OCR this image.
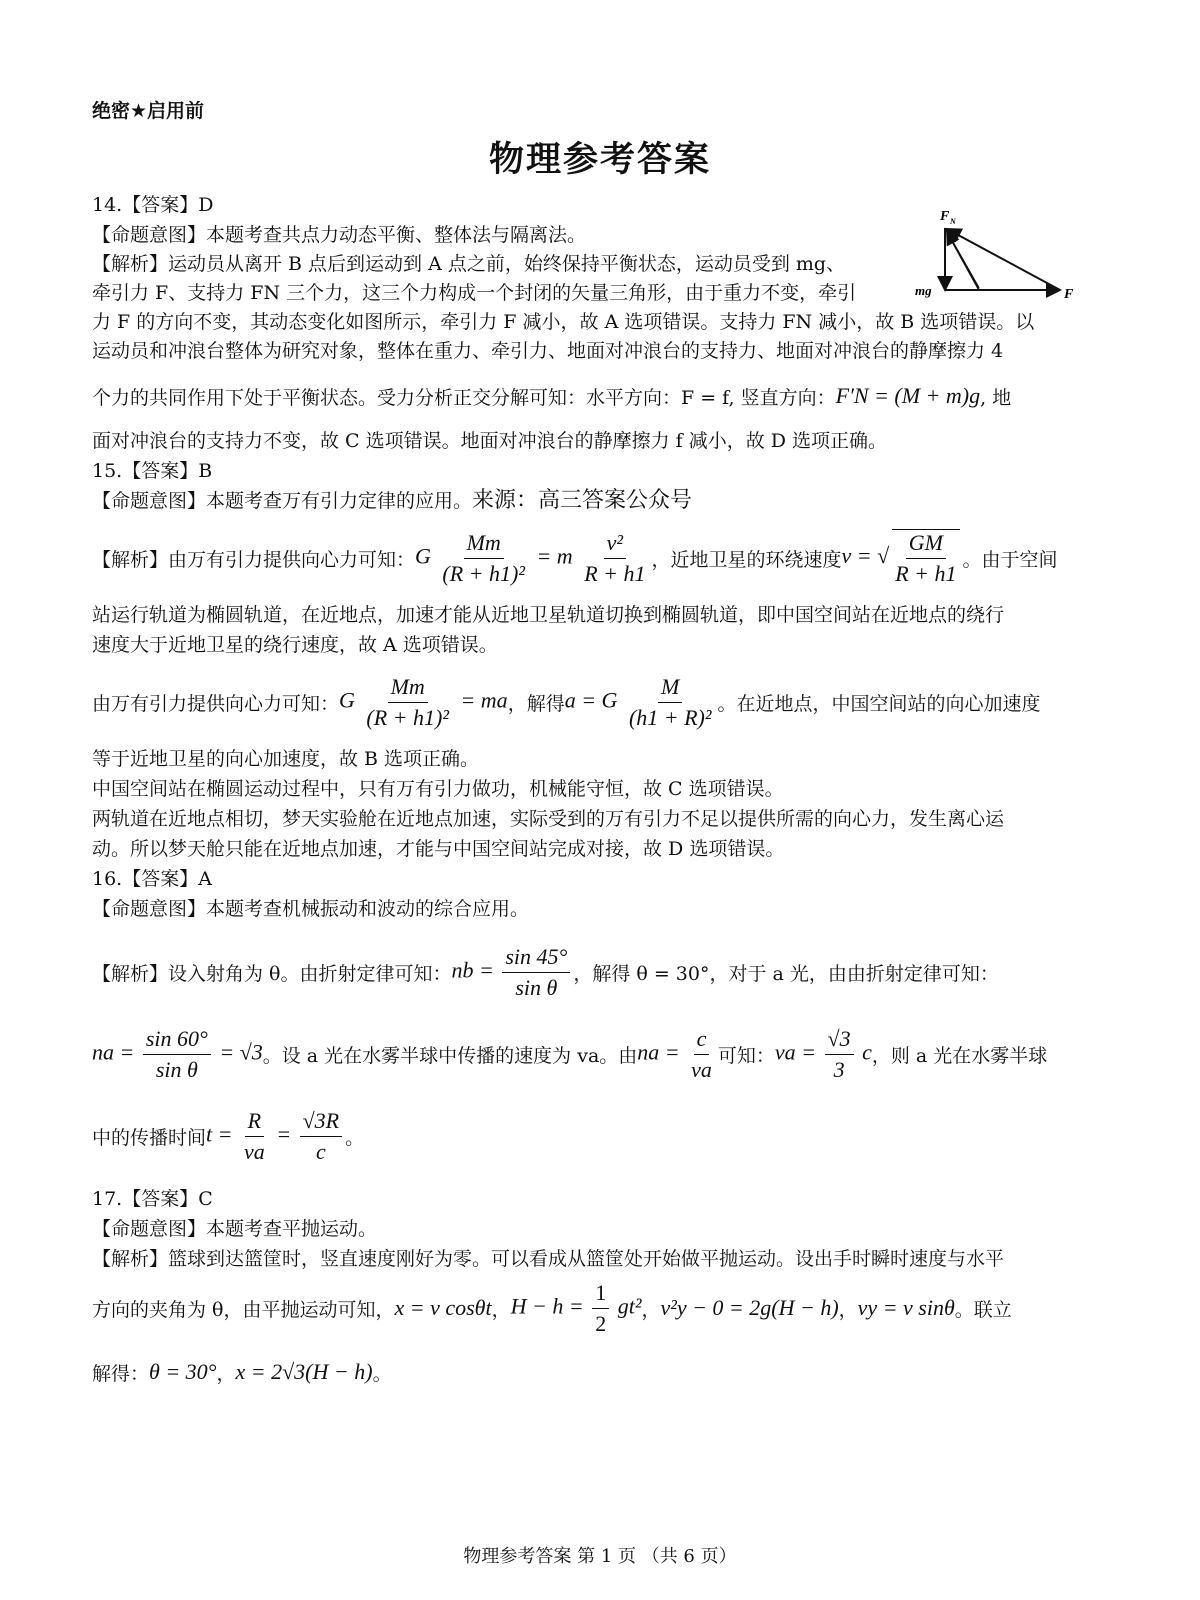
绝密★启用前
物理参考答案
F N
mg	F
14.【答案】D
【命题意图】本题考查共点力动态平衡、整体法与隔离法。
【解析】运动员从离开 B 点后到运动到 A 点之前，始终保持平衡状态，运动员受到 mg、
牵引力 F、支持力 FN 三个力，这三个力构成一个封闭的矢量三角形，由于重力不变，牵引
力 F 的方向不变，其动态变化如图所示，牵引力 F 减小，故 A 选项错误。支持力 FN 减小，故 B 选项错误。以
运动员和冲浪台整体为研究对象，整体在重力、牵引力、地面对冲浪台的支持力、地面对冲浪台的静摩擦力 4
个力的共同作用下处于平衡状态。受力分析正交分解可知：水平方向：F = f, 竖直方向： F′N = (M + m)g , 地
面对冲浪台的支持力不变，故 C 选项错误。地面对冲浪台的静摩擦力 f 减小，故 D 选项正确。
15.【答案】B
【命题意图】本题考查万有引力定律的应用。来源：高三答案公众号
【解析】由万有引力提供向心力可知： G $\frac{Mm}{\text{(R + h1)²}} = m \frac{\text{v²}}{R + h1}$ ，近地卫星的环绕速度 v = √ $\frac{GM}{R + h1}$ 。由于空间
站运行轨道为椭圆轨道，在近地点，加速才能从近地卫星轨道切换到椭圆轨道，即中国空间站在近地点的绕行
速度大于近地卫星的绕行速度，故 A 选项错误。
由万有引力提供向心力可知： G $\frac{Mm}{\text{(R + h1)²}}$ = ma ，解得 a = G $\frac{M}{\text{(h1 + R)²}}$ 。在近地点，中国空间站的向心加速度
等于近地卫星的向心加速度，故 B 选项正确。
中国空间站在椭圆运动过程中，只有万有引力做功，机械能守恒，故 C 选项错误。
两轨道在近地点相切，梦天实验舱在近地点加速，实际受到的万有引力不足以提供所需的向心力，发生离心运
动。所以梦天舱只能在近地点加速，才能与中国空间站完成对接，故 D 选项错误。
16.【答案】A
【命题意图】本题考查机械振动和波动的综合应用。
【解析】设入射角为 θ。由折射定律可知： nb = $\frac{\sin 45^\circ}{\text{sin θ}}$ ，解得 θ = 30°，对于 a 光，由由折射定律可知：
na = $\frac{\sin 60^\circ}{\text{sin θ}} = √3$ 。设 a 光在水雾半球中传播的速度为 va。由 na = $\frac{c}{va}$ 可知： va = $\frac{√3}{3}$ c ，则 a 光在水雾半球
中的传播时间 $t = \frac{R}{va} = \frac{√3R}{c}$ 。
17.【答案】C
【命题意图】本题考查平抛运动。
【解析】篮球到达篮筐时，竖直速度刚好为零。可以看成从篮筐处开始做平抛运动。设出手时瞬时速度与水平
方向的夹角为 θ，由平抛运动可知， x = v cosθt ， $H - h = \frac{1}{2} gt^2$ ， v²y − 0 = 2g(H − h) ， vy = v sinθ 。联立
解得： θ = 30° ， x = 2√3(H − h) 。
物理参考答案 第 1 页 （共 6 页）
